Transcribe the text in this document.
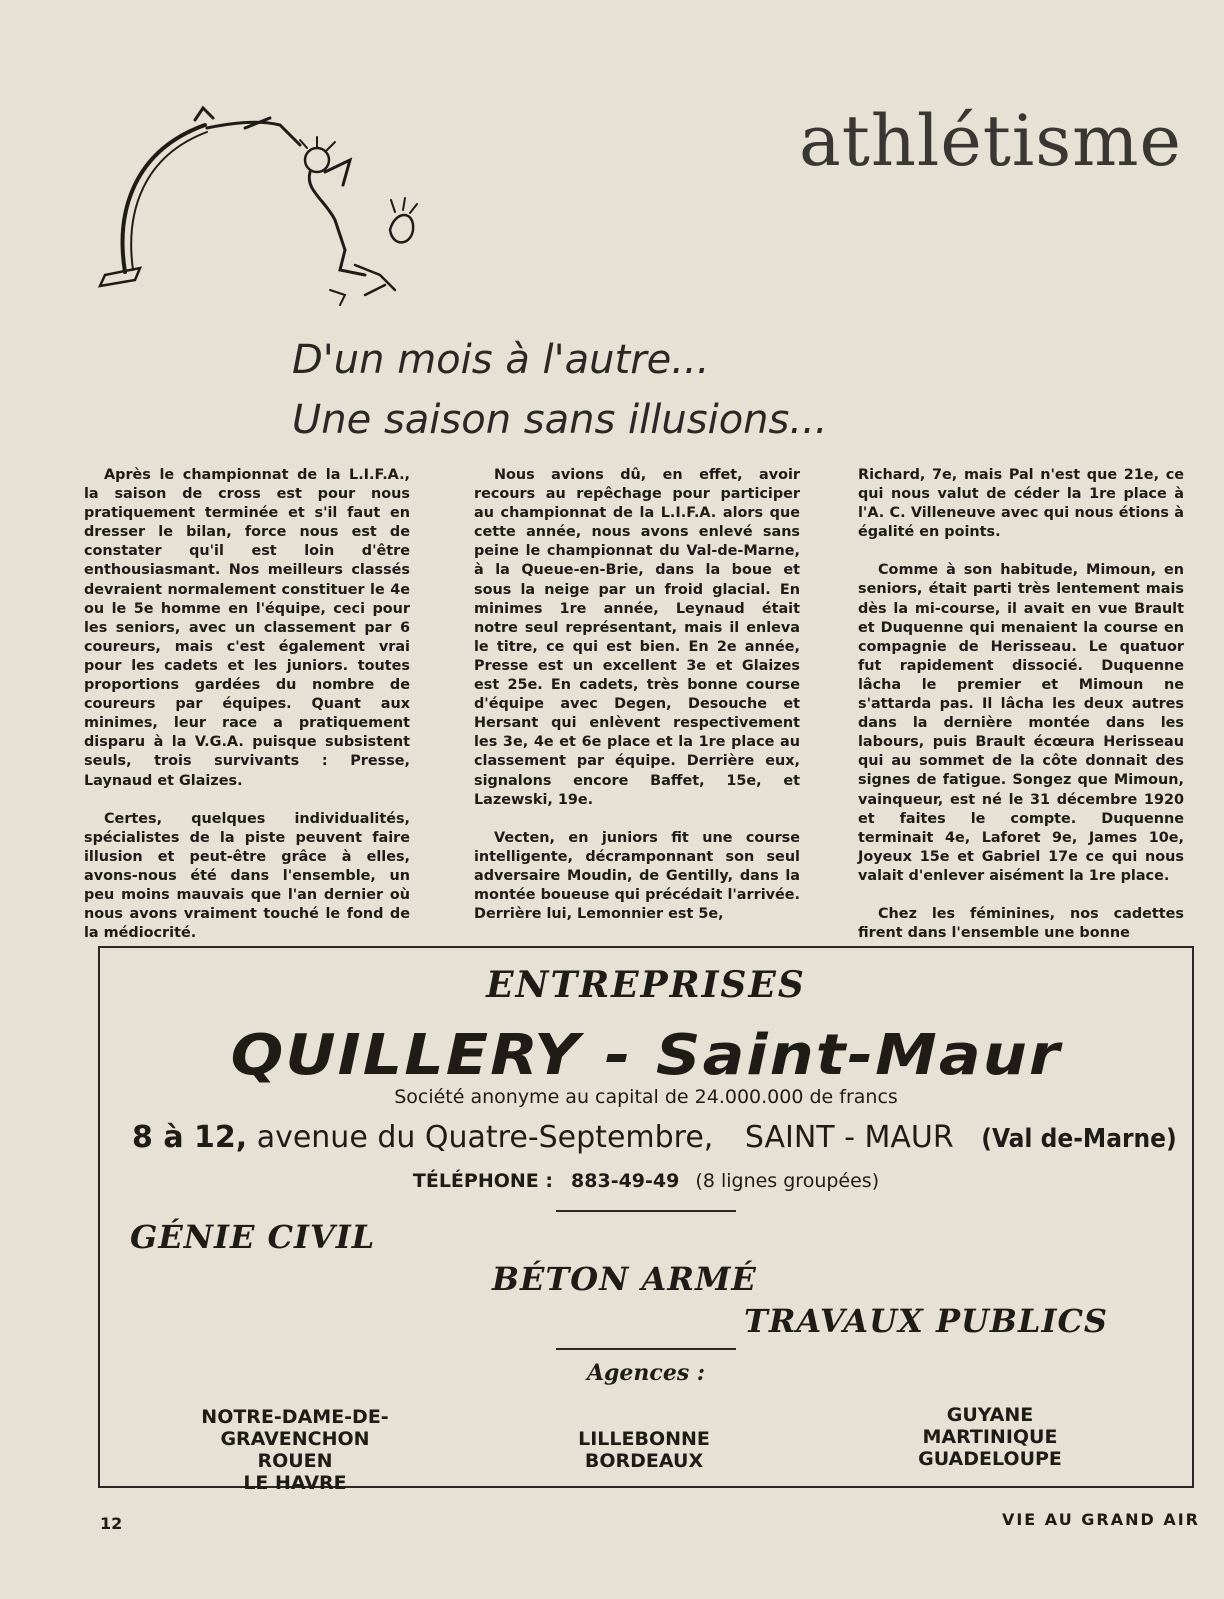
athlétisme
D'un mois à l'autre...
Une saison sans illusions...

Après le championnat de la L.I.F.A., la saison de cross est pour nous pratiquement terminée et s'il faut en dresser le bilan, force nous est de constater qu'il est loin d'être enthousiasmant. Nos meilleurs classés devraient normalement constituer le 4e ou le 5e homme en l'équipe, ceci pour les seniors, avec un classement par 6 coureurs, mais c'est également vrai pour les cadets et les juniors. toutes proportions gardées du nombre de coureurs par équipes. Quant aux minimes, leur race a pratiquement disparu à la V.G.A. puisque subsistent seuls, trois survivants : Presse, Laynaud et Glaizes.

Certes, quelques individualités, spécialistes de la piste peuvent faire illusion et peut-être grâce à elles, avons-nous été dans l'ensemble, un peu moins mauvais que l'an dernier où nous avons vraiment touché le fond de la médiocrité.

Nous avions dû, en effet, avoir recours au repêchage pour participer au championnat de la L.I.F.A. alors que cette année, nous avons enlevé sans peine le championnat du Val-de-Marne, à la Queue-en-Brie, dans la boue et sous la neige par un froid glacial. En minimes 1re année, Leynaud était notre seul représentant, mais il enleva le titre, ce qui est bien. En 2e année, Presse est un excellent 3e et Glaizes est 25e. En cadets, très bonne course d'équipe avec Degen, Desouche et Hersant qui enlèvent respectivement les 3e, 4e et 6e place et la 1re place au classement par équipe. Derrière eux, signalons encore Baffet, 15e, et Lazewski, 19e.

Vecten, en juniors fit une course intelligente, décramponnant son seul adversaire Moudin, de Gentilly, dans la montée boueuse qui précédait l'arrivée. Derrière lui, Lemonnier est 5e,

Richard, 7e, mais Pal n'est que 21e, ce qui nous valut de céder la 1re place à l'A. C. Villeneuve avec qui nous étions à égalité en points.

Comme à son habitude, Mimoun, en seniors, était parti très lentement mais dès la mi-course, il avait en vue Brault et Duquenne qui menaient la course en compagnie de Herisseau. Le quatuor fut rapidement dissocié. Duquenne lâcha le premier et Mimoun ne s'attarda pas. Il lâcha les deux autres dans la dernière montée dans les labours, puis Brault écœura Herisseau qui au sommet de la côte donnait des signes de fatigue. Songez que Mimoun, vainqueur, est né le 31 décembre 1920 et faites le compte. Duquenne terminait 4e, Laforet 9e, James 10e, Joyeux 15e et Gabriel 17e ce qui nous valait d'enlever aisément la 1re place.

Chez les féminines, nos cadettes firent dans l'ensemble une bonne

ENTREPRISES
QUILLERY - Saint-Maur
Société anonyme au capital de 24.000.000 de francs
8 à 12, avenue du Quatre-Septembre, SAINT - MAUR (Val de-Marne)
TÉLÉPHONE : 883-49-49 (8 lignes groupées)
GÉNIE CIVIL
BÉTON ARMÉ
TRAVAUX PUBLICS
Agences :
NOTRE-DAME-DE-GRAVENCHON
ROUEN
LE HAVRE
LILLEBONNE
BORDEAUX
GUYANE
MARTINIQUE
GUADELOUPE
12	VIE AU GRAND AIR
